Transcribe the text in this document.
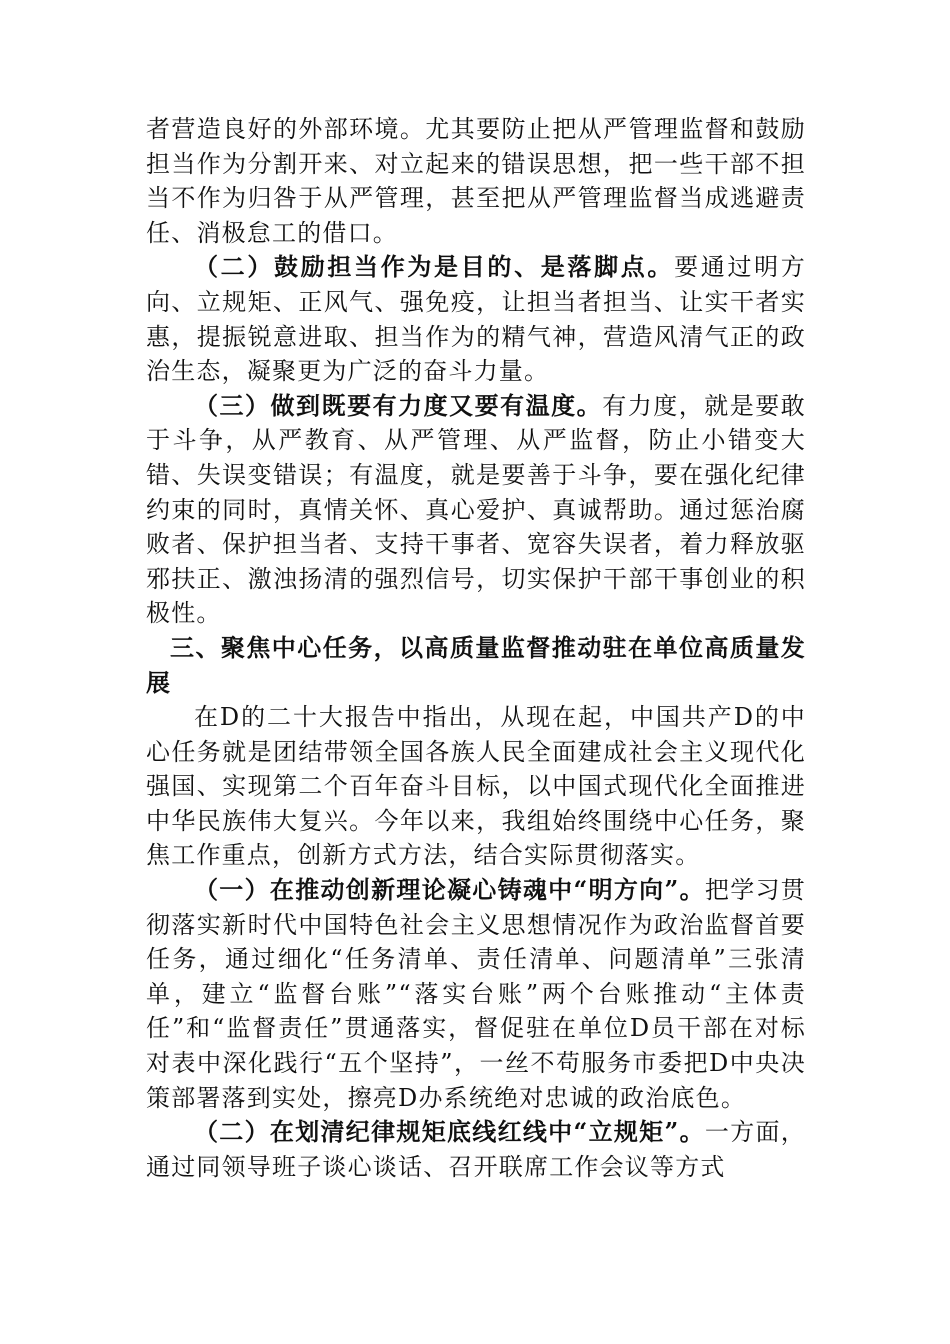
者营造良好的外部环境。尤其要防止把从严管理监督和鼓励担当作为分割开来、对立起来的错误思想，把一些干部不担当不作为归咎于从严管理，甚至把从严管理监督当成逃避责任、消极怠工的借口。

（二）鼓励担当作为是目的、是落脚点。要通过明方向、立规矩、正风气、强免疫，让担当者担当、让实干者实惠，提振锐意进取、担当作为的精气神，营造风清气正的政治生态，凝聚更为广泛的奋斗力量。

（三）做到既要有力度又要有温度。有力度，就是要敢于斗争，从严教育、从严管理、从严监督，防止小错变大错、失误变错误；有温度，就是要善于斗争，要在强化纪律约束的同时，真情关怀、真心爱护、真诚帮助。通过惩治腐败者、保护担当者、支持干事者、宽容失误者，着力释放驱邪扶正、激浊扬清的强烈信号，切实保护干部干事创业的积极性。

三、聚焦中心任务，以高质量监督推动驻在单位高质量发展

在D的二十大报告中指出，从现在起，中国共产D的中心任务就是团结带领全国各族人民全面建成社会主义现代化强国、实现第二个百年奋斗目标，以中国式现代化全面推进中华民族伟大复兴。今年以来，我组始终围绕中心任务，聚焦工作重点，创新方式方法，结合实际贯彻落实。

（一）在推动创新理论凝心铸魂中“明方向”。把学习贯彻落实新时代中国特色社会主义思想情况作为政治监督首要任务，通过细化“任务清单、责任清单、问题清单”三张清单，建立“监督台账”“落实台账”两个台账推动“主体责任”和“监督责任”贯通落实，督促驻在单位D员干部在对标对表中深化践行“五个坚持”，一丝不苟服务市委把D中央决策部署落到实处，擦亮D办系统绝对忠诚的政治底色。

（二）在划清纪律规矩底线红线中“立规矩”。一方面，通过同领导班子谈心谈话、召开联席工作会议等方式
